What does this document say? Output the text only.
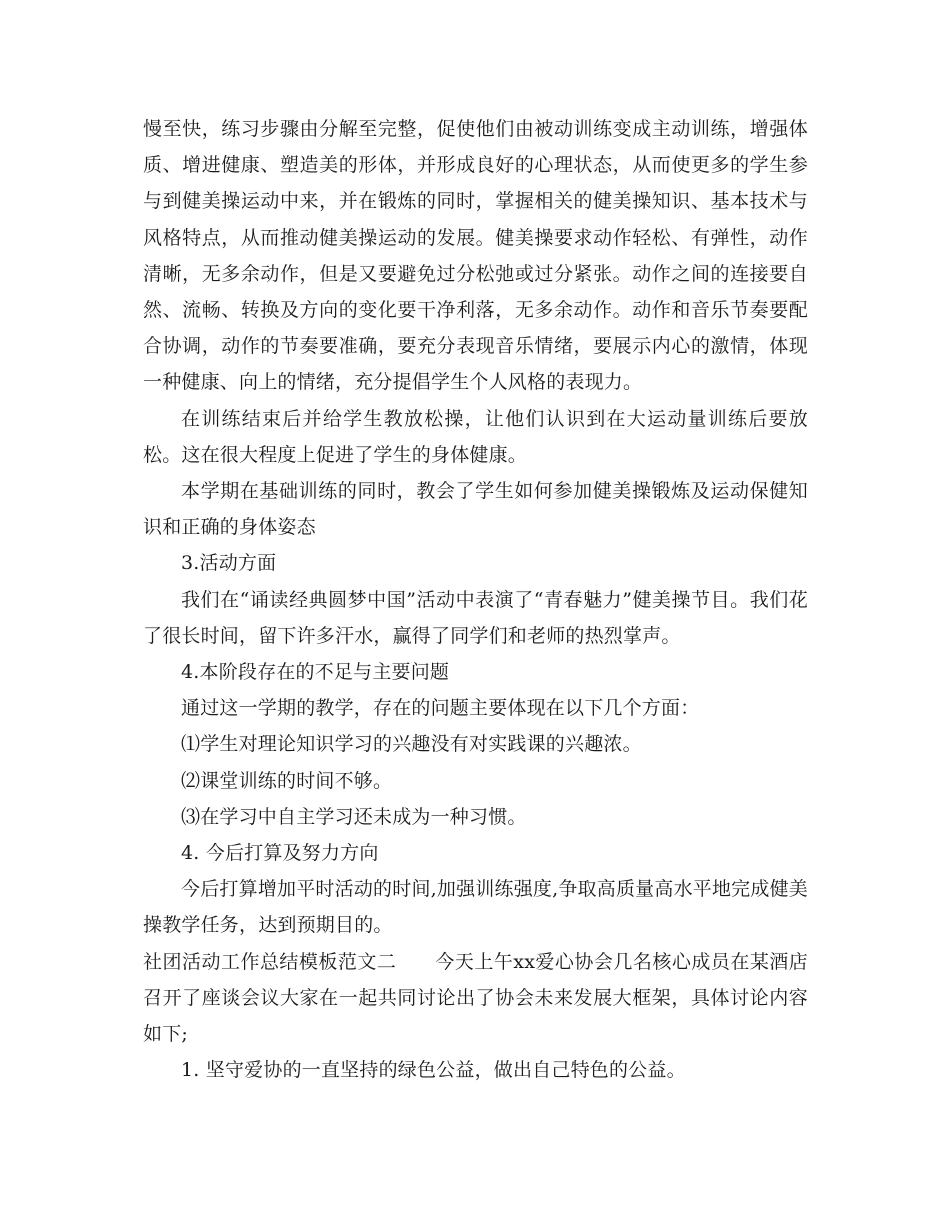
慢至快，练习步骤由分解至完整，促使他们由被动训练变成主动训练，增强体质、增进健康、塑造美的形体，并形成良好的心理状态，从而使更多的学生参与到健美操运动中来，并在锻炼的同时，掌握相关的健美操知识、基本技术与风格特点，从而推动健美操运动的发展。健美操要求动作轻松、有弹性，动作清晰，无多余动作，但是又要避免过分松弛或过分紧张。动作之间的连接要自然、流畅、转换及方向的变化要干净利落，无多余动作。动作和音乐节奏要配合协调，动作的节奏要准确，要充分表现音乐情绪，要展示内心的激情，体现一种健康、向上的情绪，充分提倡学生个人风格的表现力。

在训练结束后并给学生教放松操，让他们认识到在大运动量训练后要放松。这在很大程度上促进了学生的身体健康。

本学期在基础训练的同时，教会了学生如何参加健美操锻炼及运动保健知识和正确的身体姿态

3.活动方面

我们在“诵读经典圆梦中国”活动中表演了“青春魅力”健美操节目。我们花了很长时间，留下许多汗水，赢得了同学们和老师的热烈掌声。

4.本阶段存在的不足与主要问题

通过这一学期的教学，存在的问题主要体现在以下几个方面：

⑴学生对理论知识学习的兴趣没有对实践课的兴趣浓。

⑵课堂训练的时间不够。

⑶在学习中自主学习还未成为一种习惯。

4. 今后打算及努力方向

今后打算增加平时活动的时间,加强训练强度,争取高质量高水平地完成健美操教学任务，达到预期目的。

社团活动工作总结模板范文二　　今天上午xx爱心协会几名核心成员在某酒店召开了座谈会议大家在一起共同讨论出了协会未来发展大框架，具体讨论内容如下;

1. 坚守爱协的一直坚持的绿色公益，做出自己特色的公益。
